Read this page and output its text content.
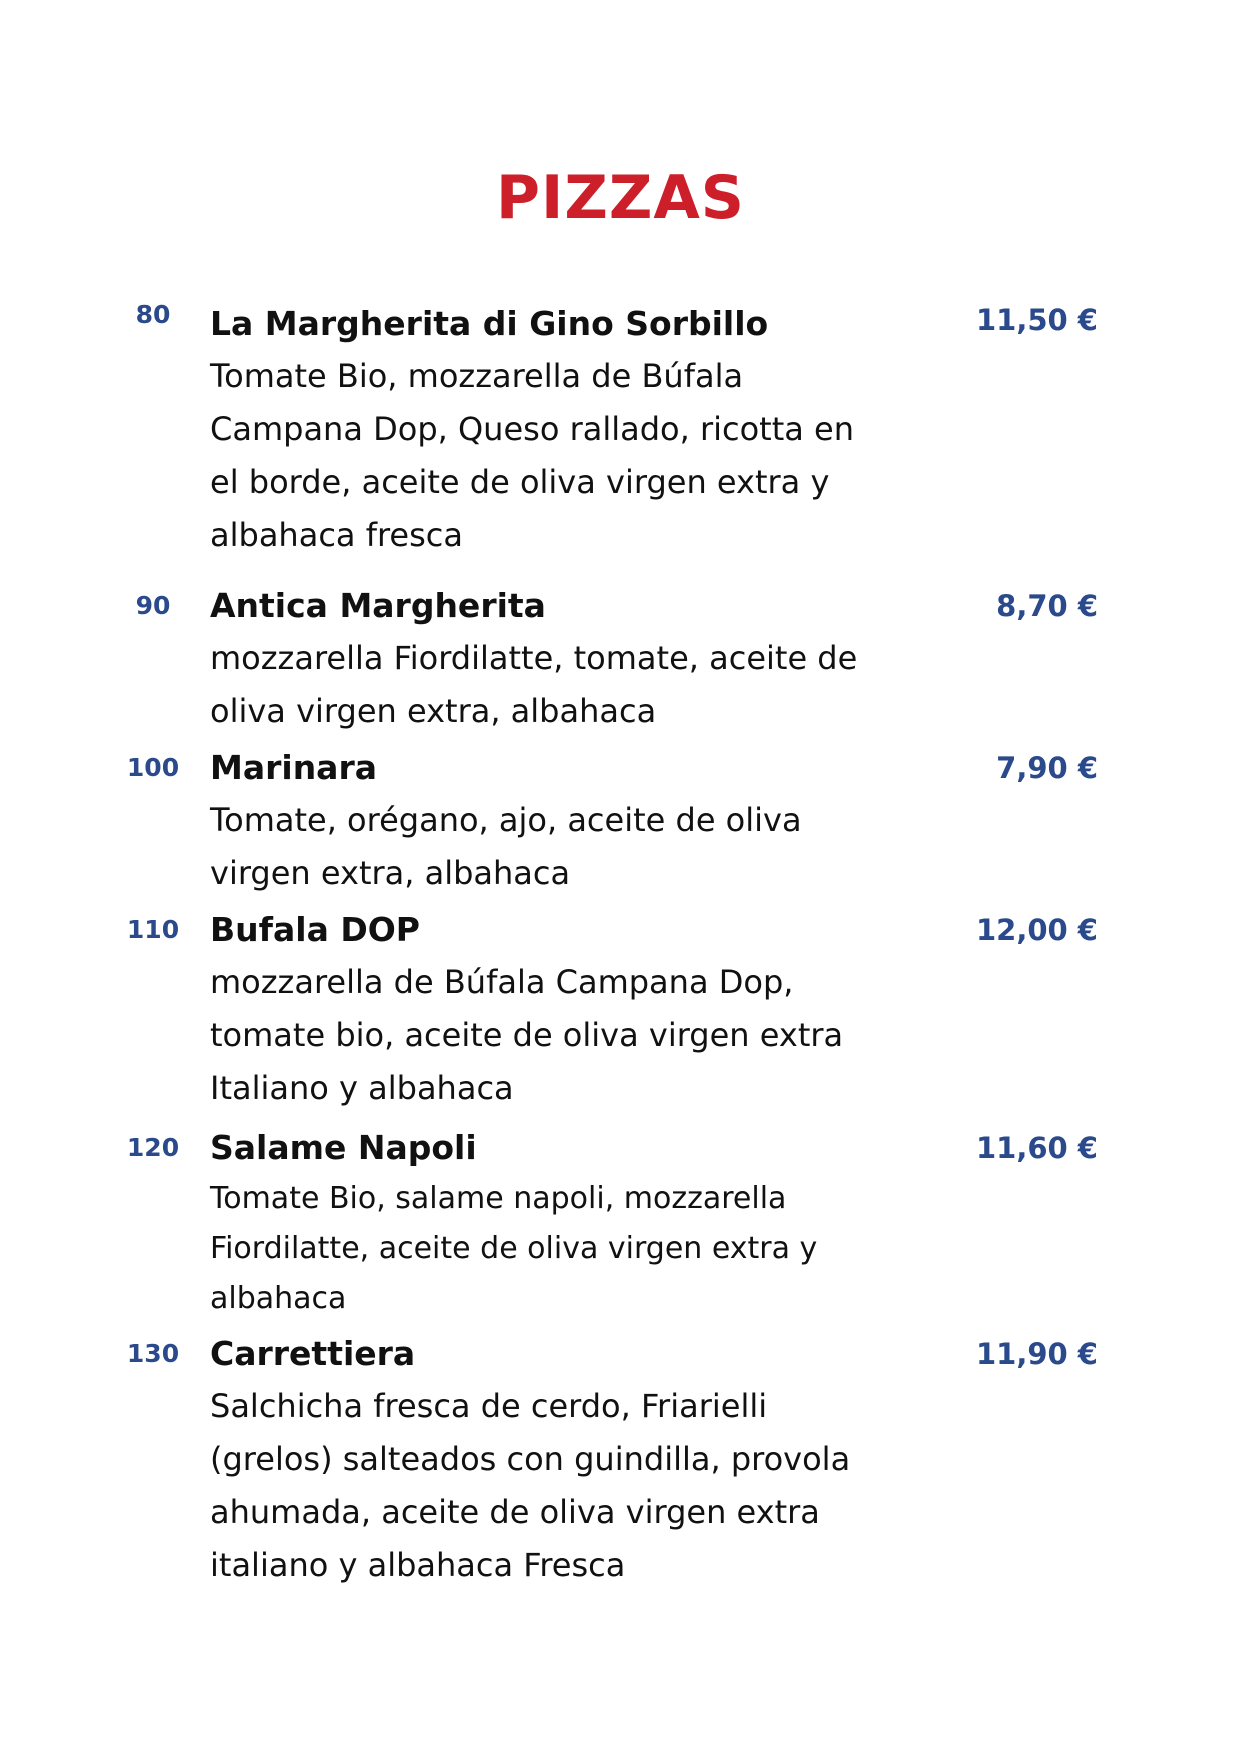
PIZZAS
80	La Margherita di Gino Sorbillo	11,50 €
Tomate Bio, mozzarella de Búfala
Campana Dop, Queso rallado, ricotta en
el borde, aceite de oliva virgen extra y
albahaca fresca
90	Antica Margherita	8,70 €
mozzarella Fiordilatte, tomate, aceite de
oliva virgen extra, albahaca
100 Marinara	7,90 €
Tomate, orégano, ajo, aceite de oliva
virgen extra, albahaca
110 Bufala DOP	12,00 €
mozzarella de Búfala Campana Dop,
tomate bio, aceite de oliva virgen extra
Italiano y albahaca
120 Salame Napoli	11,60 €
Tomate Bio, salame napoli, mozzarella
Fiordilatte, aceite de oliva virgen extra y
albahaca
130 Carrettiera	11,90 €
Salchicha fresca de cerdo, Friarielli
(grelos) salteados con guindilla, provola
ahumada, aceite de oliva virgen extra
italiano y albahaca Fresca
